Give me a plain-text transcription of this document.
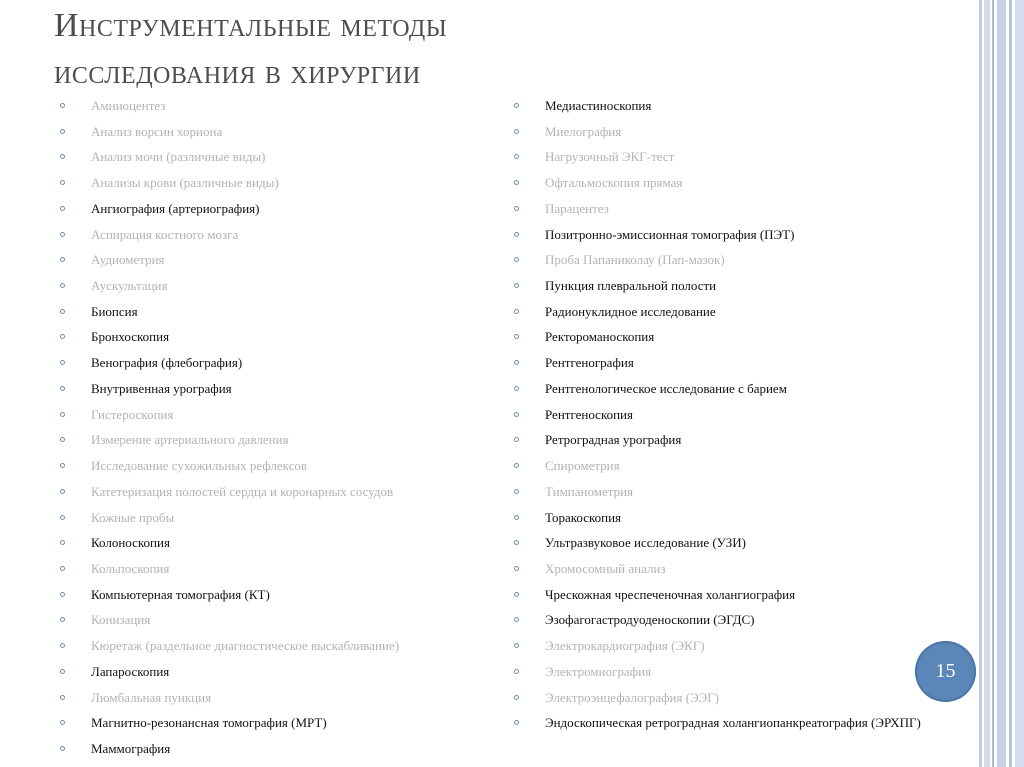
Инструментальные методы
исследования в хирургии
Амниоцентез
Анализ ворсин хориона
Анализ мочи (различные виды)
Анализы крови (различные виды)
Ангиография (артериография)
Аспирация костного мозга
Аудиометрия
Аускультация
Биопсия
Бронхоскопия
Венография (флебография)
Внутривенная урография
Гистероскопия
Измерение артериального давления
Исследование сухожильных рефлексов
Катетеризация полостей сердца и коронарных сосудов
Кожные пробы
Колоноскопия
Кольпоскопия
Компьютерная томография (КТ)
Конизация
Кюретаж (раздельное диагностическое выскабливание)
Лапароскопия
Люмбальная пункция
Магнитно-резонансная томография (МРТ)
Маммография
Медиастиноскопия
Миелография
Нагрузочный ЭКГ-тест
Офтальмоскопия прямая
Парацентез
Позитронно-эмиссионная томография (ПЭТ)
Проба Папаниколау (Пап-мазок)
Пункция плевральной полости
Радионуклидное исследование
Ректороманоскопия
Рентгенография
Рентгенологическое исследование с барием
Рентгеноскопия
Ретроградная урография
Спирометрия
Тимпанометрия
Торакоскопия
Ультразвуковое исследование (УЗИ)
Хромосомный анализ
Чрескожная чреспеченочная холангиография
Эзофагогастродуоденоскопии (ЭГДС)
Электрокардиография (ЭКГ)
Электромиография
Электроэнцефалография (ЭЭГ)
Эндоскопическая ретроградная холангиопанкреатография (ЭРХПГ)
15
